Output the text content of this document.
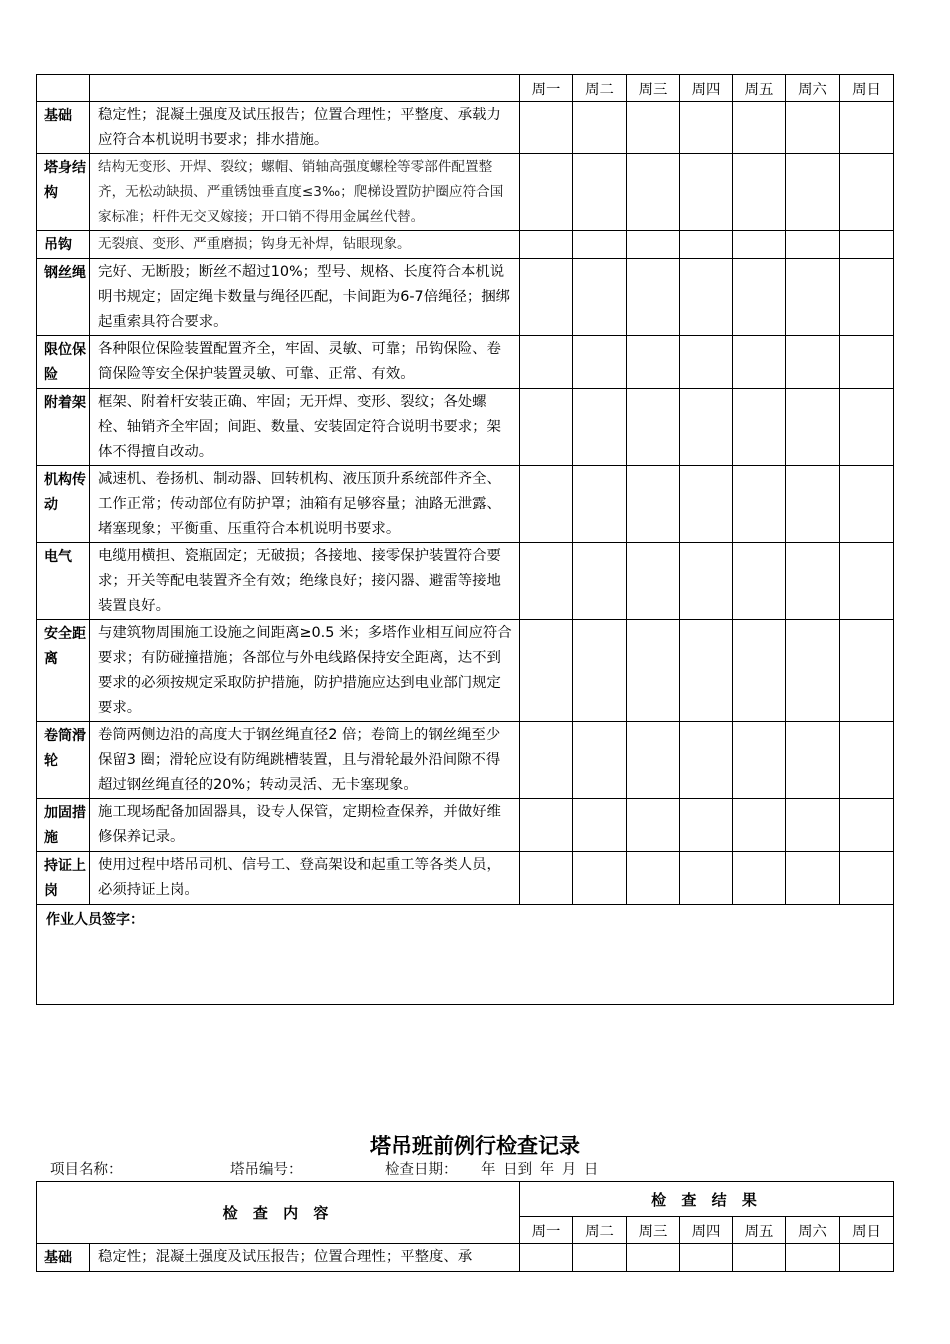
		周一	周二	周三	周四	周五	周六	周日
基础	稳定性；混凝土强度及试压报告；位置合理性；平整度、承载力应符合本机说明书要求；排水措施。							
塔身结构	结构无变形、开焊、裂纹；螺帽、销轴高强度螺栓等零部件配置整齐，无松动缺损、严重锈蚀垂直度≤3‰；爬梯设置防护圈应符合国家标准；杆件无交叉嫁接；开口销不得用金属丝代替。							
吊钩	无裂痕、变形、严重磨损；钩身无补焊，钻眼现象。							
钢丝绳	完好、无断股；断丝不超过10%；型号、规格、长度符合本机说明书规定；固定绳卡数量与绳径匹配，卡间距为6-7倍绳径；捆绑起重索具符合要求。							
限位保险	各种限位保险装置配置齐全，牢固、灵敏、可靠；吊钩保险、卷筒保险等安全保护装置灵敏、可靠、正常、有效。							
附着架	框架、附着杆安装正确、牢固；无开焊、变形、裂纹；各处螺栓、轴销齐全牢固；间距、数量、安装固定符合说明书要求；架体不得擅自改动。							
机构传动	减速机、卷扬机、制动器、回转机构、液压顶升系统部件齐全、工作正常；传动部位有防护罩；油箱有足够容量；油路无泄露、堵塞现象；平衡重、压重符合本机说明书要求。							
电气	电缆用横担、瓷瓶固定；无破损；各接地、接零保护装置符合要求；开关等配电装置齐全有效；绝缘良好；接闪器、避雷等接地装置良好。							
安全距离	与建筑物周围施工设施之间距离≥0.5 米；多塔作业相互间应符合要求；有防碰撞措施；各部位与外电线路保持安全距离，达不到要求的必须按规定采取防护措施，防护措施应达到电业部门规定要求。							
卷筒滑轮	卷筒两侧边沿的高度大于钢丝绳直径2 倍；卷筒上的钢丝绳至少保留3 圈；滑轮应设有防绳跳槽装置，且与滑轮最外沿间隙不得超过钢丝绳直径的20%；转动灵活、无卡塞现象。							
加固措施	施工现场配备加固器具，设专人保管，定期检查保养，并做好维修保养记录。							
持证上岗	使用过程中塔吊司机、信号工、登高架设和起重工等各类人员，必须持证上岗。							
作业人员签字：								
塔吊班前例行检查记录
项目名称：	塔吊编号：	检查日期： 年 日到 年 月 日
检 查 内 容		检 查 结 果						
		周一	周二	周三	周四	周五	周六	周日
基础	稳定性；混凝土强度及试压报告；位置合理性；平整度、承							
